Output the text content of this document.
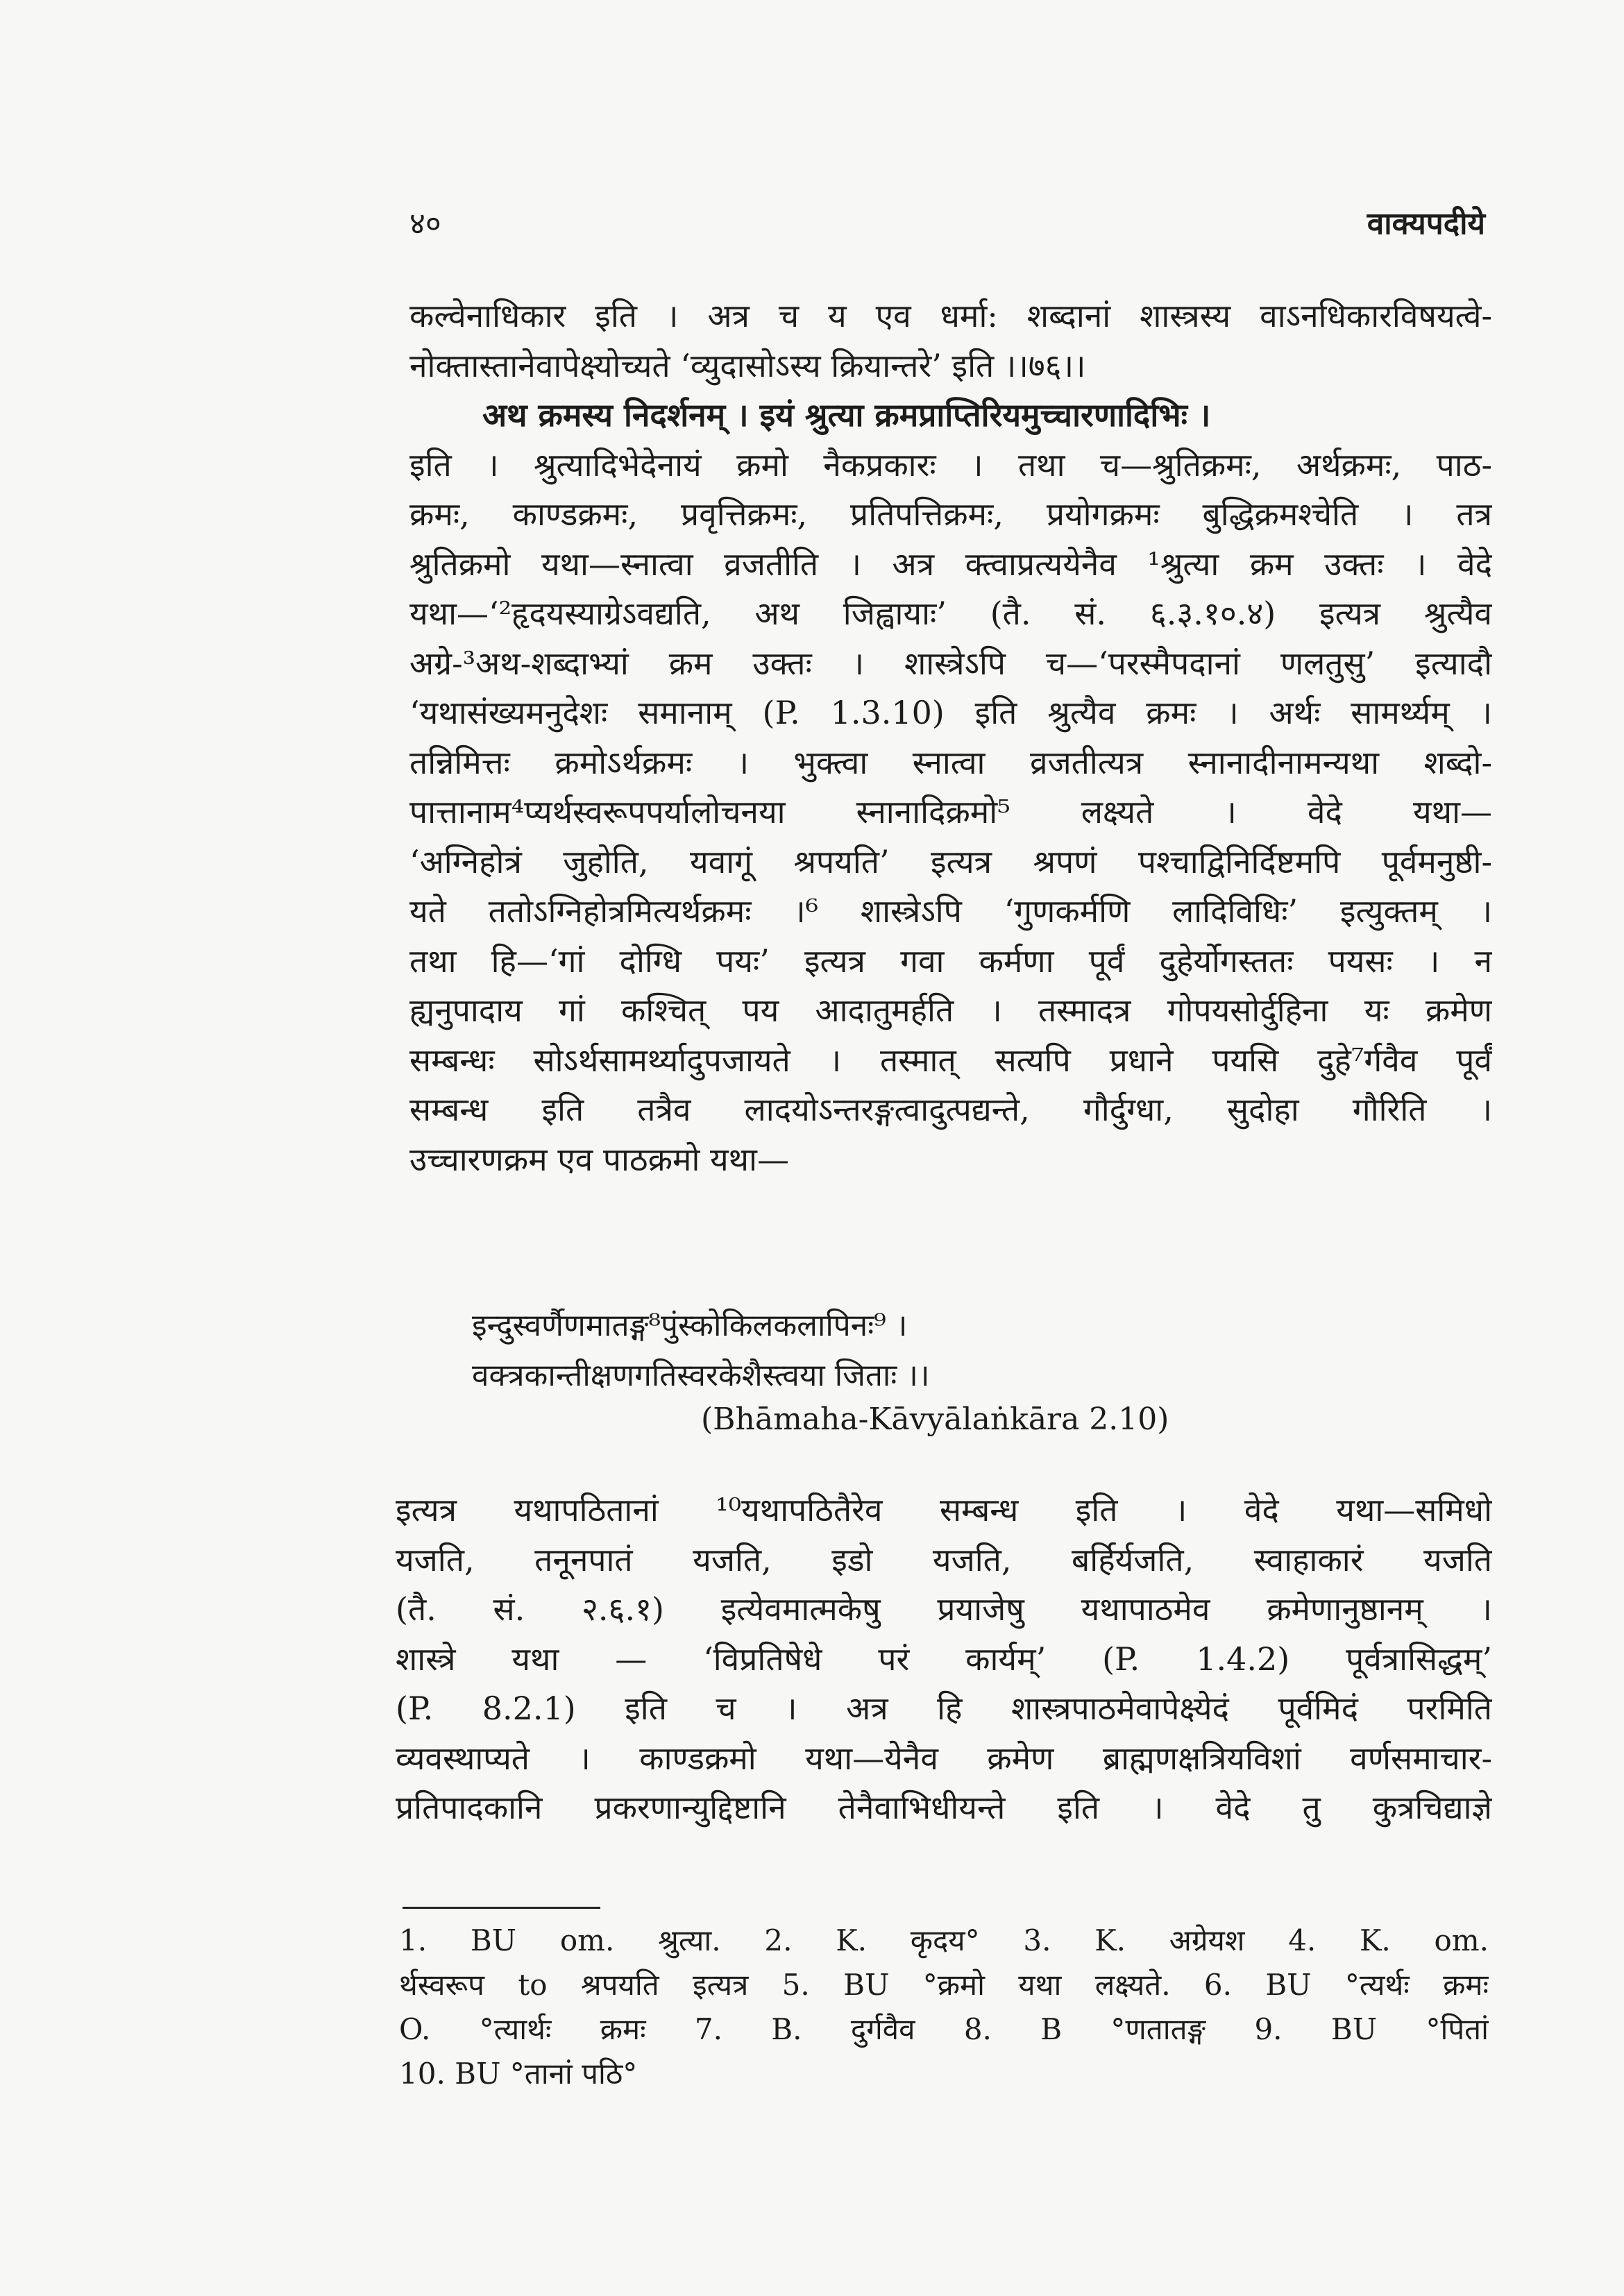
४०	वाक्यपदीये
कल्वेनाधिकार इति । अत्र च य एव धर्मा: शब्दानां शास्त्रस्य वाऽनधिकारविषयत्वे-
नोक्तास्तानेवापेक्ष्योच्यते ‘व्युदासोऽस्य क्रियान्तरे’ इति ।।७६।।
अथ क्रमस्य निदर्शनम् । इयं श्रुत्या क्रमप्राप्तिरियमुच्चारणादिभिः ।
इति । श्रुत्यादिभेदेनायं क्रमो नैकप्रकारः । तथा च—श्रुतिक्रमः, अर्थक्रमः, पाठ-
क्रमः, काण्डक्रमः, प्रवृत्तिक्रमः, प्रतिपत्तिक्रमः, प्रयोगक्रमः बुद्धिक्रमश्चेति । तत्र
श्रुतिक्रमो यथा—स्नात्वा व्रजतीति । अत्र क्त्वाप्रत्ययेनैव ¹श्रुत्या क्रम उक्तः । वेदे
यथा—‘²हृदयस्याग्रेऽवद्यति, अथ जिह्वायाः’ (तै. सं. ६.३.१०.४) इत्यत्र श्रुत्यैव
अग्रे-³अथ-शब्दाभ्यां क्रम उक्तः । शास्त्रेऽपि च—‘परस्मैपदानां णलतुसु’ इत्यादौ
‘यथासंख्यमनुदेशः समानाम् (P. 1.3.10) इति श्रुत्यैव क्रमः । अर्थः सामर्थ्यम् ।
तन्निमित्तः क्रमोऽर्थक्रमः । भुक्त्वा स्नात्वा व्रजतीत्यत्र स्नानादीनामन्यथा शब्दो-
पात्तानाम⁴प्यर्थस्वरूपपर्यालोचनया स्नानादिक्रमो⁵ लक्ष्यते । वेदे यथा—
‘अग्निहोत्रं जुहोति, यवागूं श्रपयति’ इत्यत्र श्रपणं पश्चाद्विनिर्दिष्टमपि पूर्वमनुष्ठी-
यते ततोऽग्निहोत्रमित्यर्थक्रमः ।⁶ शास्त्रेऽपि ‘गुणकर्मणि लादिविधिः’ इत्युक्तम् ।
तथा हि—‘गां दोग्धि पयः’ इत्यत्र गवा कर्मणा पूर्वं दुहेर्योगस्ततः पयसः । न
ह्यनुपादाय गां कश्चित् पय आदातुमर्हति । तस्मादत्र गोपयसोर्दुहिना यः क्रमेण
सम्बन्धः सोऽर्थसामर्थ्यादुपजायते । तस्मात् सत्यपि प्रधाने पयसि दुहे⁷र्गवैव पूर्वं
सम्बन्ध इति तत्रैव लादयोऽन्तरङ्गत्वादुत्पद्यन्ते, गौर्दुग्धा, सुदोहा गौरिति ।
उच्चारणक्रम एव पाठक्रमो यथा—
इन्दुस्वर्णैणमातङ्ग⁸पुंस्कोकिलकलापिनः⁹ ।
वक्त्रकान्तीक्षणगतिस्वरकेशैस्त्वया जिताः ।।
(Bhāmaha-Kāvyālaṅkāra 2.10)
इत्यत्र यथापठितानां ¹⁰यथापठितैरेव सम्बन्ध इति । वेदे यथा—समिधो
यजति, तनूनपातं यजति, इडो यजति, बर्हिर्यजति, स्वाहाकारं यजति
(तै. सं. २.६.१) इत्येवमात्मकेषु प्रयाजेषु यथापाठमेव क्रमेणानुष्ठानम् ।
शास्त्रे यथा — ‘विप्रतिषेधे परं कार्यम्’ (P. 1.4.2) पूर्वत्रासिद्धम्’
(P. 8.2.1) इति च । अत्र हि शास्त्रपाठमेवापेक्ष्येदं पूर्वमिदं परमिति
व्यवस्थाप्यते । काण्डक्रमो यथा—येनैव क्रमेण ब्राह्मणक्षत्रियविशां वर्णसमाचार-
प्रतिपादकानि प्रकरणान्युद्दिष्टानि तेनैवाभिधीयन्ते इति । वेदे तु कुत्रचिद्याज्ञे
1. BU om. श्रुत्या. 2. K. कृदय° 3. K. अग्रेयश 4. K. om.
र्थस्वरूप to श्रपयति इत्यत्र 5. BU °क्रमो यथा लक्ष्यते. 6. BU °त्यर्थः क्रमः
O. °त्यार्थः क्रमः 7. B. दुर्गवैव 8. B °णतातङ्ग 9. BU °पितां
10. BU °तानां पठि°
